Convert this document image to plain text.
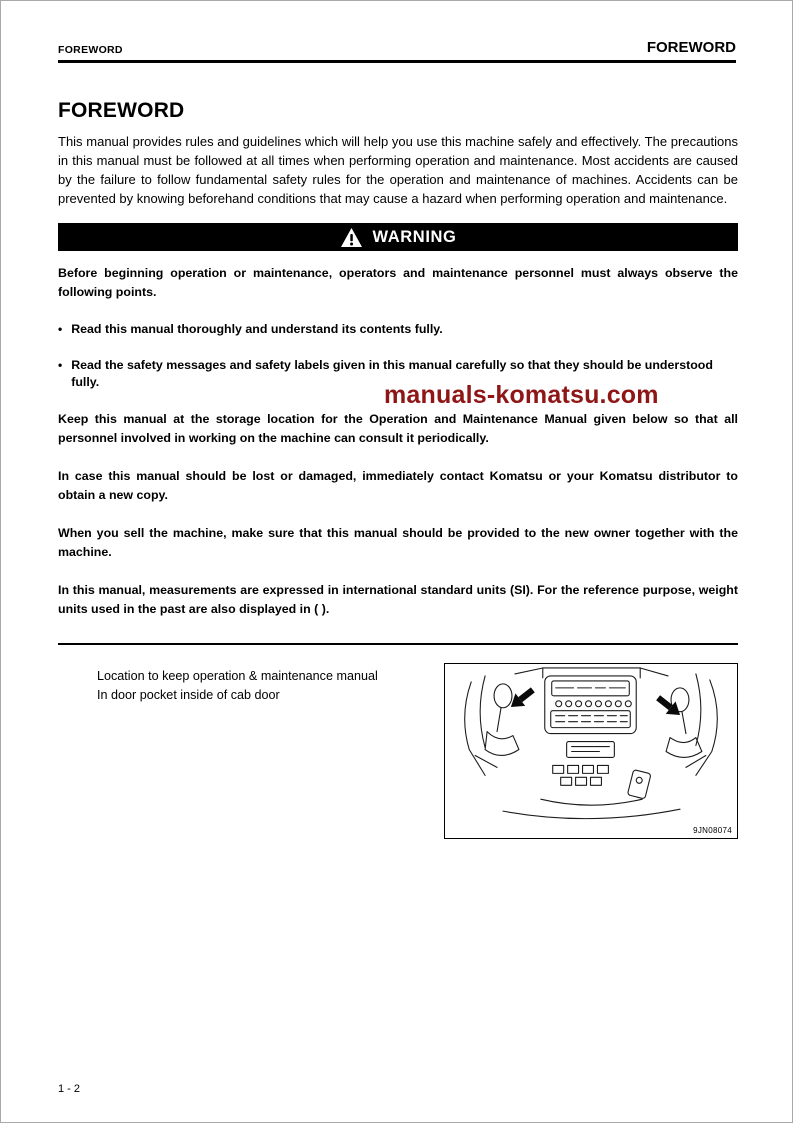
FOREWORD	FOREWORD
FOREWORD

This manual provides rules and guidelines which will help you use this machine safely and effectively. The precautions in this manual must be followed at all times when performing operation and maintenance. Most accidents are caused by the failure to follow fundamental safety rules for the operation and maintenance of machines. Accidents can be prevented by knowing beforehand conditions that may cause a hazard when performing operation and maintenance.

WARNING

Before beginning operation or maintenance, operators and maintenance personnel must always observe the following points.

• Read this manual thoroughly and understand its contents fully.
• Read the safety messages and safety labels given in this manual carefully so that they should be understood fully.

Keep this manual at the storage location for the Operation and Maintenance Manual given below so that all personnel involved in working on the machine can consult it periodically.

In case this manual should be lost or damaged, immediately contact Komatsu or your Komatsu distributor to obtain a new copy.

When you sell the machine, make sure that this manual should be provided to the new owner together with the machine.

In this manual, measurements are expressed in international standard units (SI). For the reference purpose, weight units used in the past are also displayed in ( ).

Location to keep operation & maintenance manual

In door pocket inside of cab door

9JN08074
manuals-komatsu.com
1 - 2
